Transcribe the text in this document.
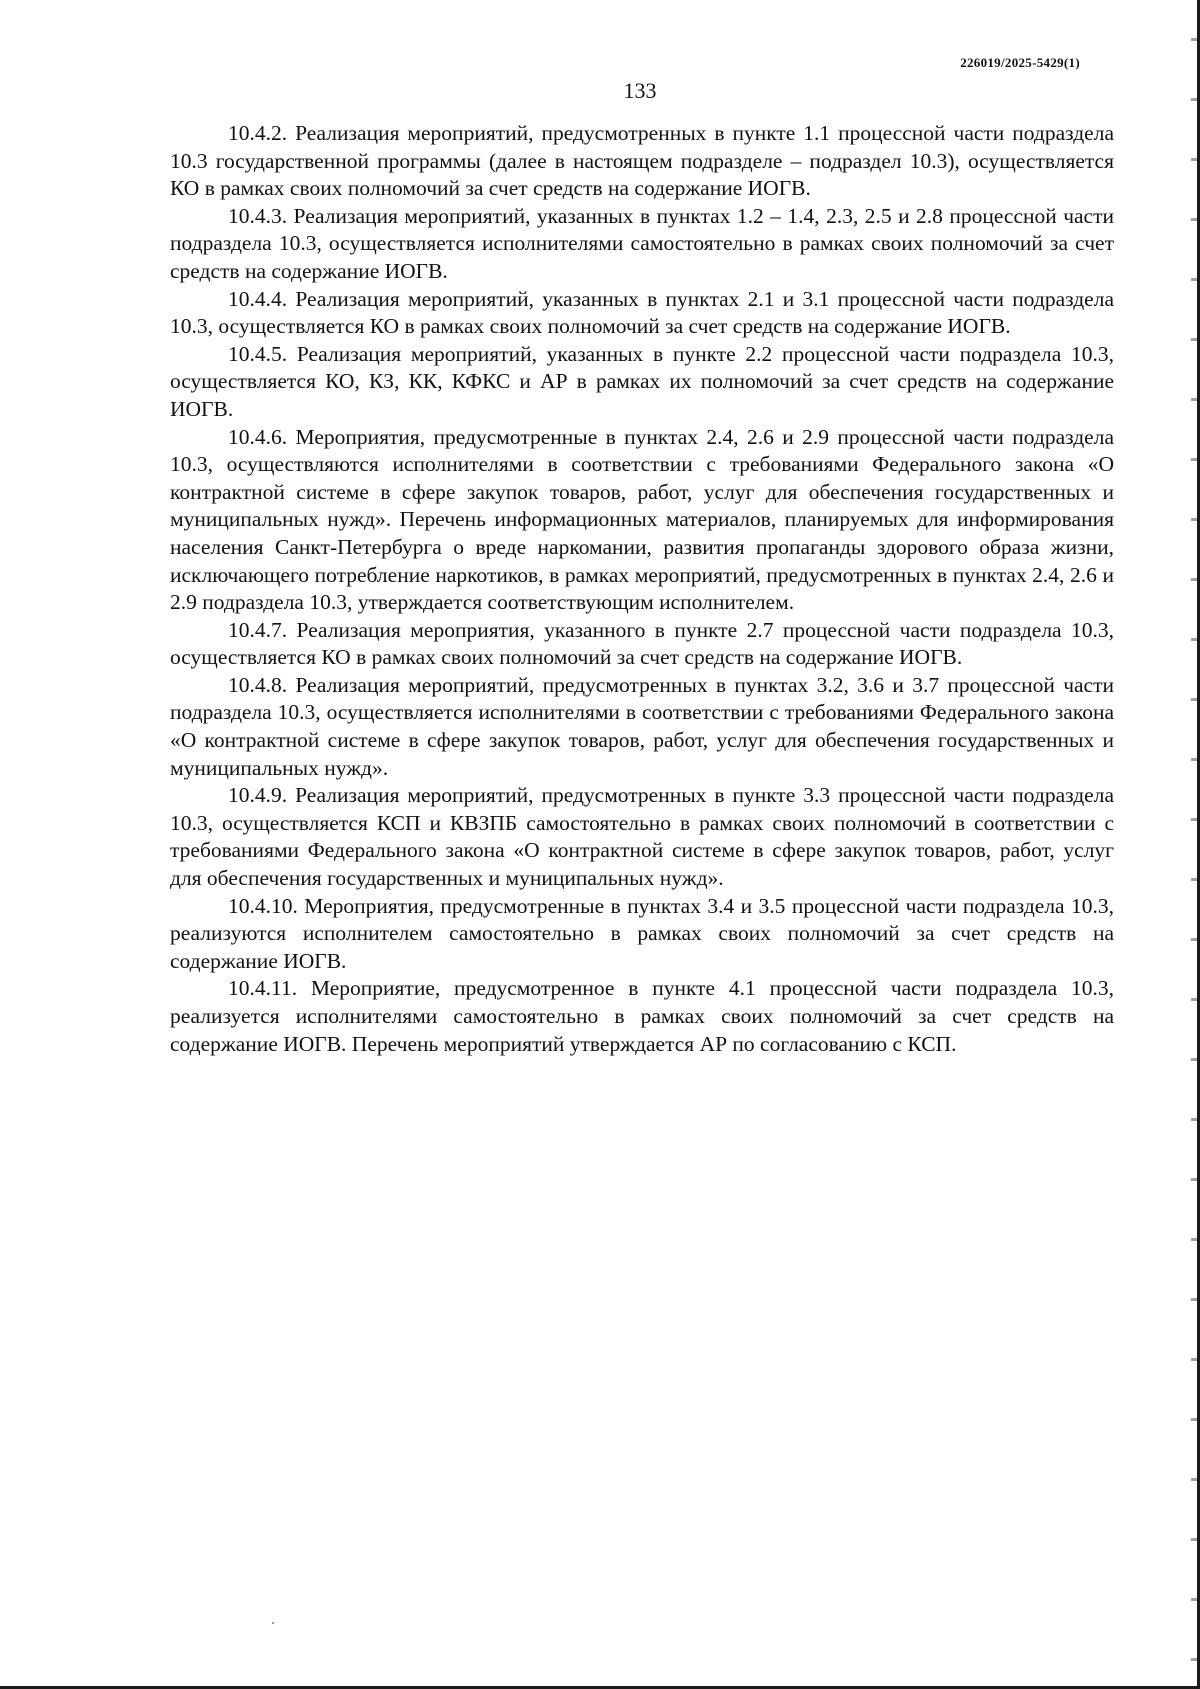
226019/2025-5429(1)
133

10.4.2. Реализация мероприятий, предусмотренных в пункте 1.1 процессной части подраздела 10.3 государственной программы (далее в настоящем подразделе – подраздел 10.3), осуществляется КО в рамках своих полномочий за счет средств на содержание ИОГВ.

10.4.3. Реализация мероприятий, указанных в пунктах 1.2 – 1.4, 2.3, 2.5 и 2.8 процессной части подраздела 10.3, осуществляется исполнителями самостоятельно в рамках своих полномочий за счет средств на содержание ИОГВ.

10.4.4. Реализация мероприятий, указанных в пунктах 2.1 и 3.1 процессной части подраздела 10.3, осуществляется КО в рамках своих полномочий за счет средств на содержание ИОГВ.

10.4.5. Реализация мероприятий, указанных в пункте 2.2 процессной части подраздела 10.3, осуществляется КО, КЗ, КК, КФКС и АР в рамках их полномочий за счет средств на содержание ИОГВ.

10.4.6. Мероприятия, предусмотренные в пунктах 2.4, 2.6 и 2.9 процессной части подраздела 10.3, осуществляются исполнителями в соответствии с требованиями Федерального закона «О контрактной системе в сфере закупок товаров, работ, услуг для обеспечения государственных и муниципальных нужд». Перечень информационных материалов, планируемых для информирования населения Санкт-Петербурга о вреде наркомании, развития пропаганды здорового образа жизни, исключающего потребление наркотиков, в рамках мероприятий, предусмотренных в пунктах 2.4, 2.6 и 2.9 подраздела 10.3, утверждается соответствующим исполнителем.

10.4.7. Реализация мероприятия, указанного в пункте 2.7 процессной части подраздела 10.3, осуществляется КО в рамках своих полномочий за счет средств на содержание ИОГВ.

10.4.8. Реализация мероприятий, предусмотренных в пунктах 3.2, 3.6 и 3.7 процессной части подраздела 10.3, осуществляется исполнителями в соответствии с требованиями Федерального закона «О контрактной системе в сфере закупок товаров, работ, услуг для обеспечения государственных и муниципальных нужд».

10.4.9. Реализация мероприятий, предусмотренных в пункте 3.3 процессной части подраздела 10.3, осуществляется КСП и КВЗПБ самостоятельно в рамках своих полномочий в соответствии с требованиями Федерального закона «О контрактной системе в сфере закупок товаров, работ, услуг для обеспечения государственных и муниципальных нужд».

10.4.10. Мероприятия, предусмотренные в пунктах 3.4 и 3.5 процессной части подраздела 10.3, реализуются исполнителем самостоятельно в рамках своих полномочий за счет средств на содержание ИОГВ.

10.4.11. Мероприятие, предусмотренное в пункте 4.1 процессной части подраздела 10.3, реализуется исполнителями самостоятельно в рамках своих полномочий за счет средств на содержание ИОГВ. Перечень мероприятий утверждается АР по согласованию с КСП.
